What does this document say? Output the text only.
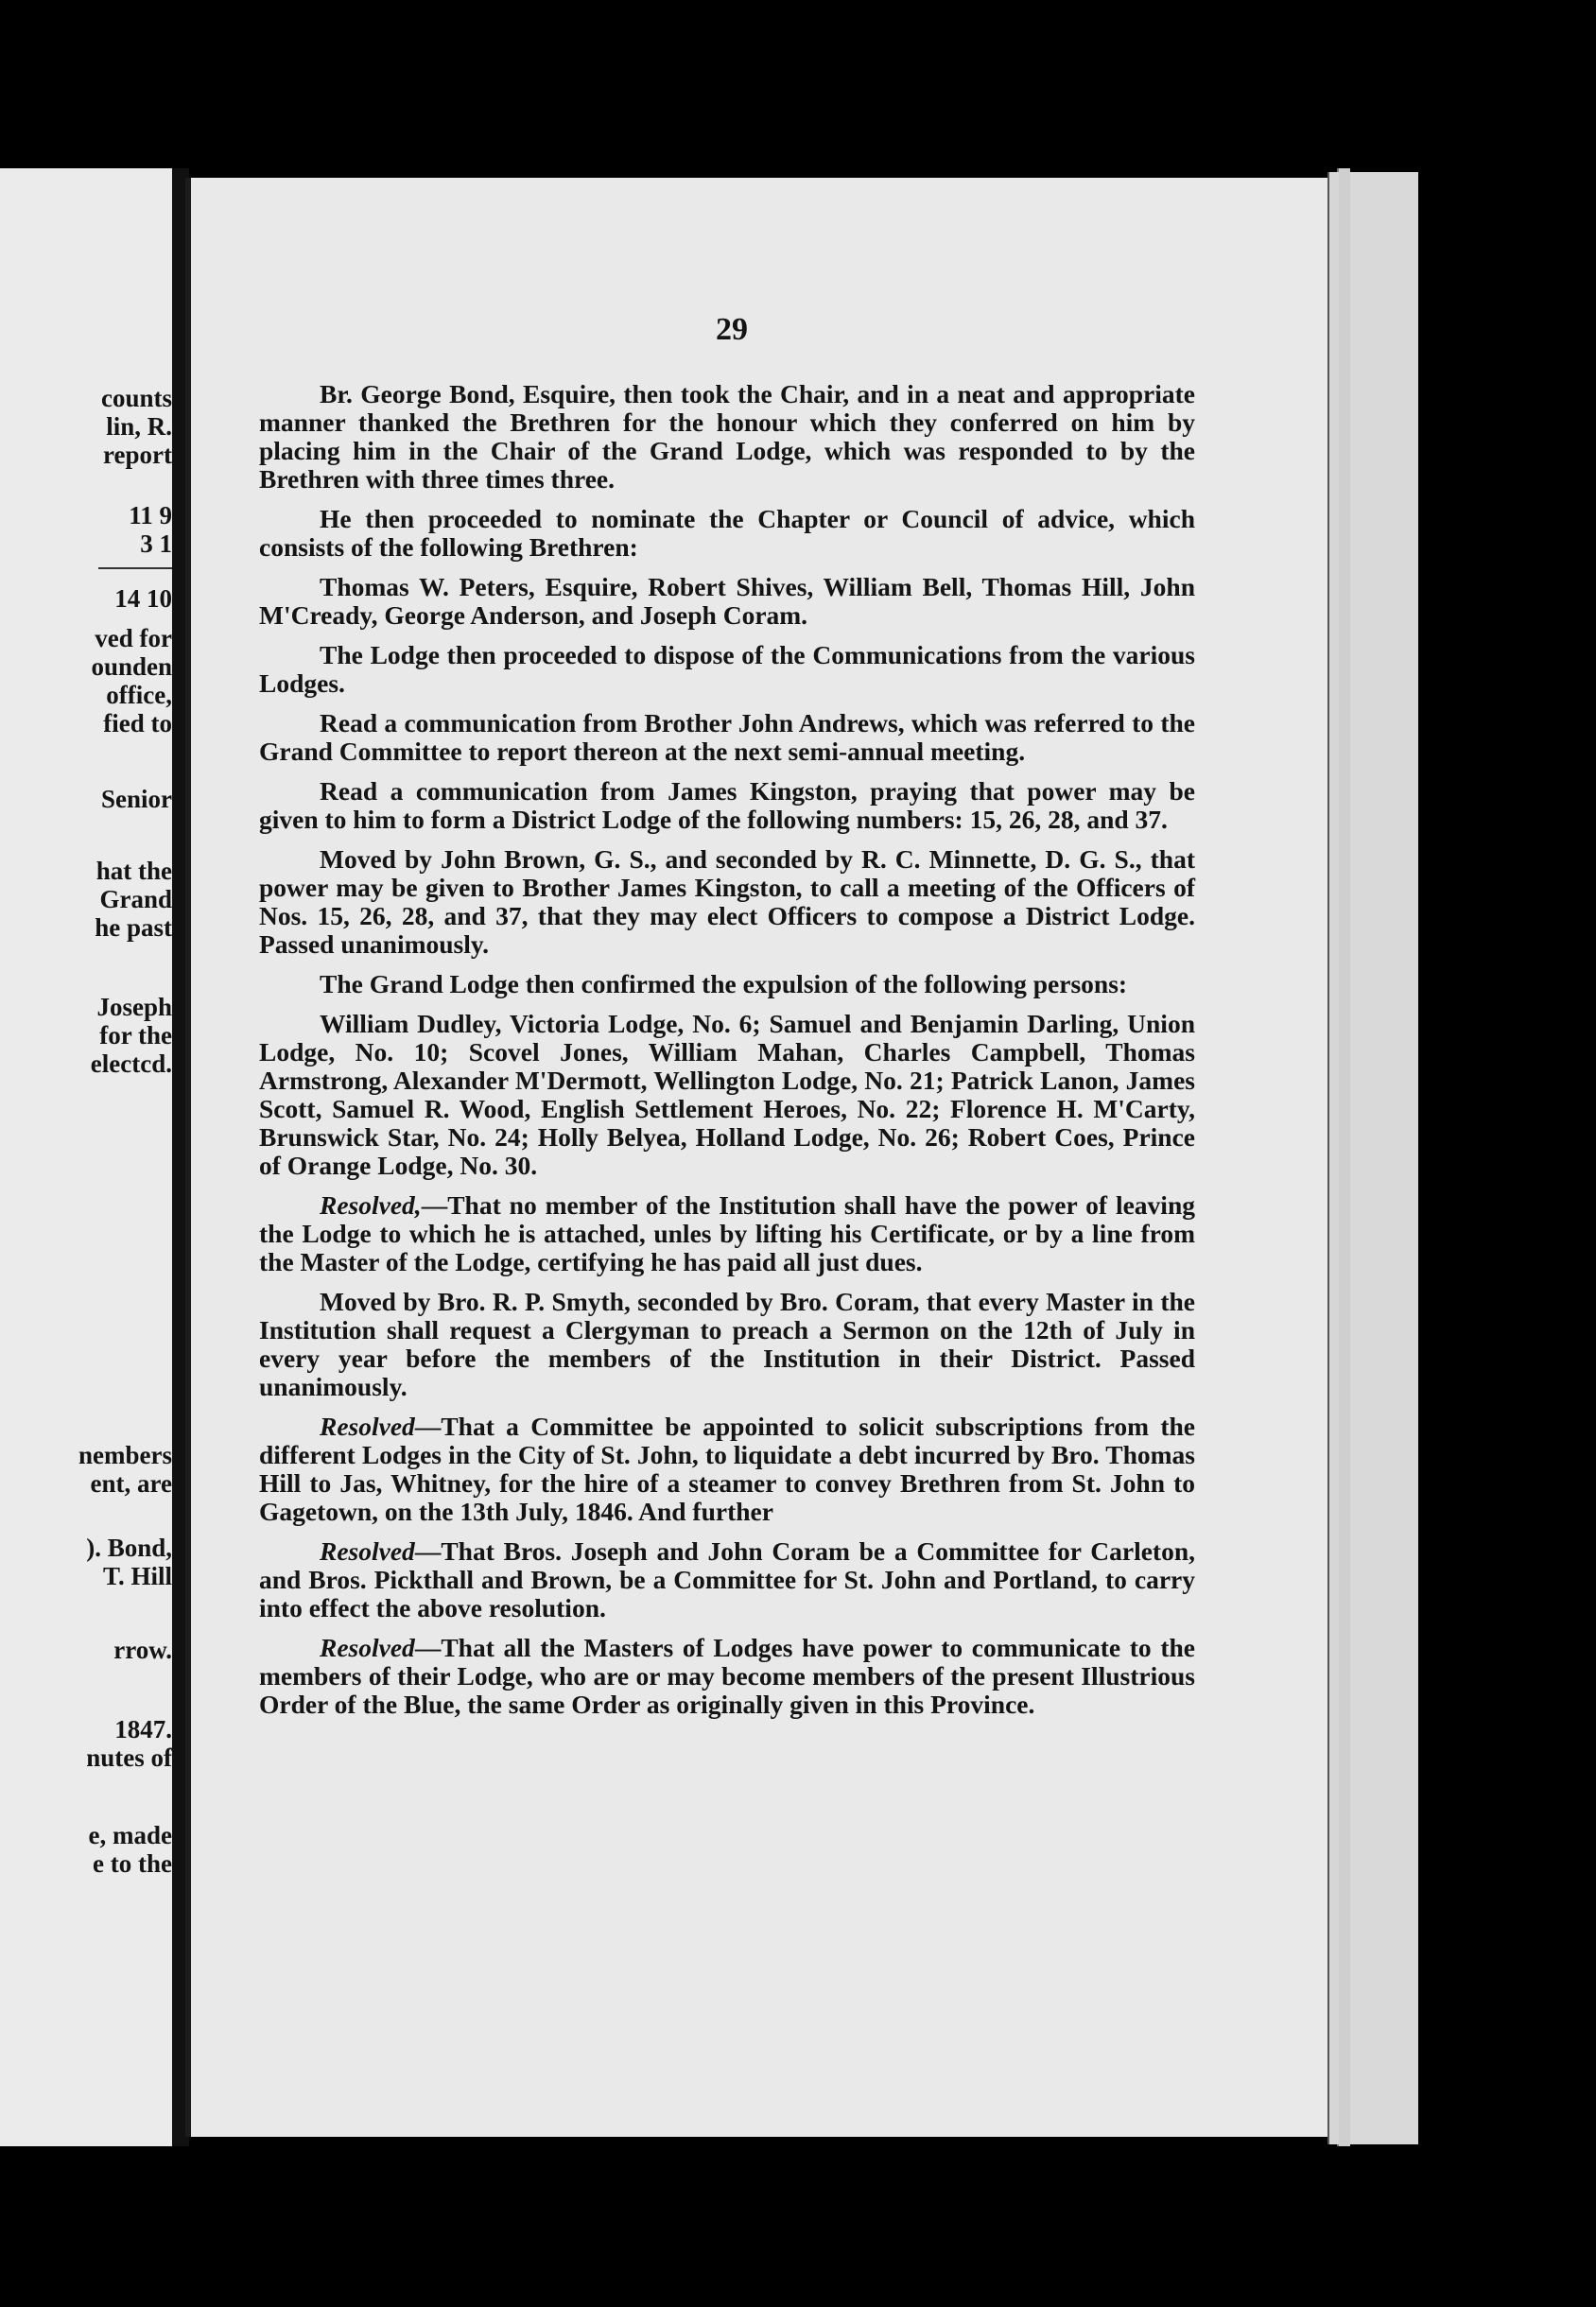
counts
lin, R.
report
11 9
3 1
14 10
ved for
ounden
office,
fied to
Senior
hat the
Grand
he past
Joseph
for the
electcd.
nembers
ent, are
). Bond,
T. Hill
rrow.
1847.
nutes of
e, made
e to the
29

Br. George Bond, Esquire, then took the Chair, and in a neat and appropriate manner thanked the Brethren for the honour which they conferred on him by placing him in the Chair of the Grand Lodge, which was responded to by the Brethren with three times three.

He then proceeded to nominate the Chapter or Council of advice, which consists of the following Brethren:

Thomas W. Peters, Esquire, Robert Shives, William Bell, Thomas Hill, John M'Cready, George Anderson, and Joseph Coram.

The Lodge then proceeded to dispose of the Communications from the various Lodges.

Read a communication from Brother John Andrews, which was referred to the Grand Committee to report thereon at the next semi-annual meeting.

Read a communication from James Kingston, praying that power may be given to him to form a District Lodge of the following numbers: 15, 26, 28, and 37.

Moved by John Brown, G. S., and seconded by R. C. Minnette, D. G. S., that power may be given to Brother James Kingston, to call a meeting of the Officers of Nos. 15, 26, 28, and 37, that they may elect Officers to compose a District Lodge. Passed unanimously.

The Grand Lodge then confirmed the expulsion of the following persons:

William Dudley, Victoria Lodge, No. 6; Samuel and Benjamin Darling, Union Lodge, No. 10; Scovel Jones, William Mahan, Charles Campbell, Thomas Armstrong, Alexander M'Dermott, Wellington Lodge, No. 21; Patrick Lanon, James Scott, Samuel R. Wood, English Settlement Heroes, No. 22; Florence H. M'Carty, Brunswick Star, No. 24; Holly Belyea, Holland Lodge, No. 26; Robert Coes, Prince of Orange Lodge, No. 30.

Resolved,—That no member of the Institution shall have the power of leaving the Lodge to which he is attached, unles by lifting his Certificate, or by a line from the Master of the Lodge, certifying he has paid all just dues.

Moved by Bro. R. P. Smyth, seconded by Bro. Coram, that every Master in the Institution shall request a Clergyman to preach a Sermon on the 12th of July in every year before the members of the Institution in their District. Passed unanimously.

Resolved—That a Committee be appointed to solicit subscriptions from the different Lodges in the City of St. John, to liquidate a debt incurred by Bro. Thomas Hill to Jas, Whitney, for the hire of a steamer to convey Brethren from St. John to Gagetown, on the 13th July, 1846. And further

Resolved—That Bros. Joseph and John Coram be a Committee for Carleton, and Bros. Pickthall and Brown, be a Committee for St. John and Portland, to carry into effect the above resolution.

Resolved—That all the Masters of Lodges have power to communicate to the members of their Lodge, who are or may become members of the present Illustrious Order of the Blue, the same Order as originally given in this Province.
